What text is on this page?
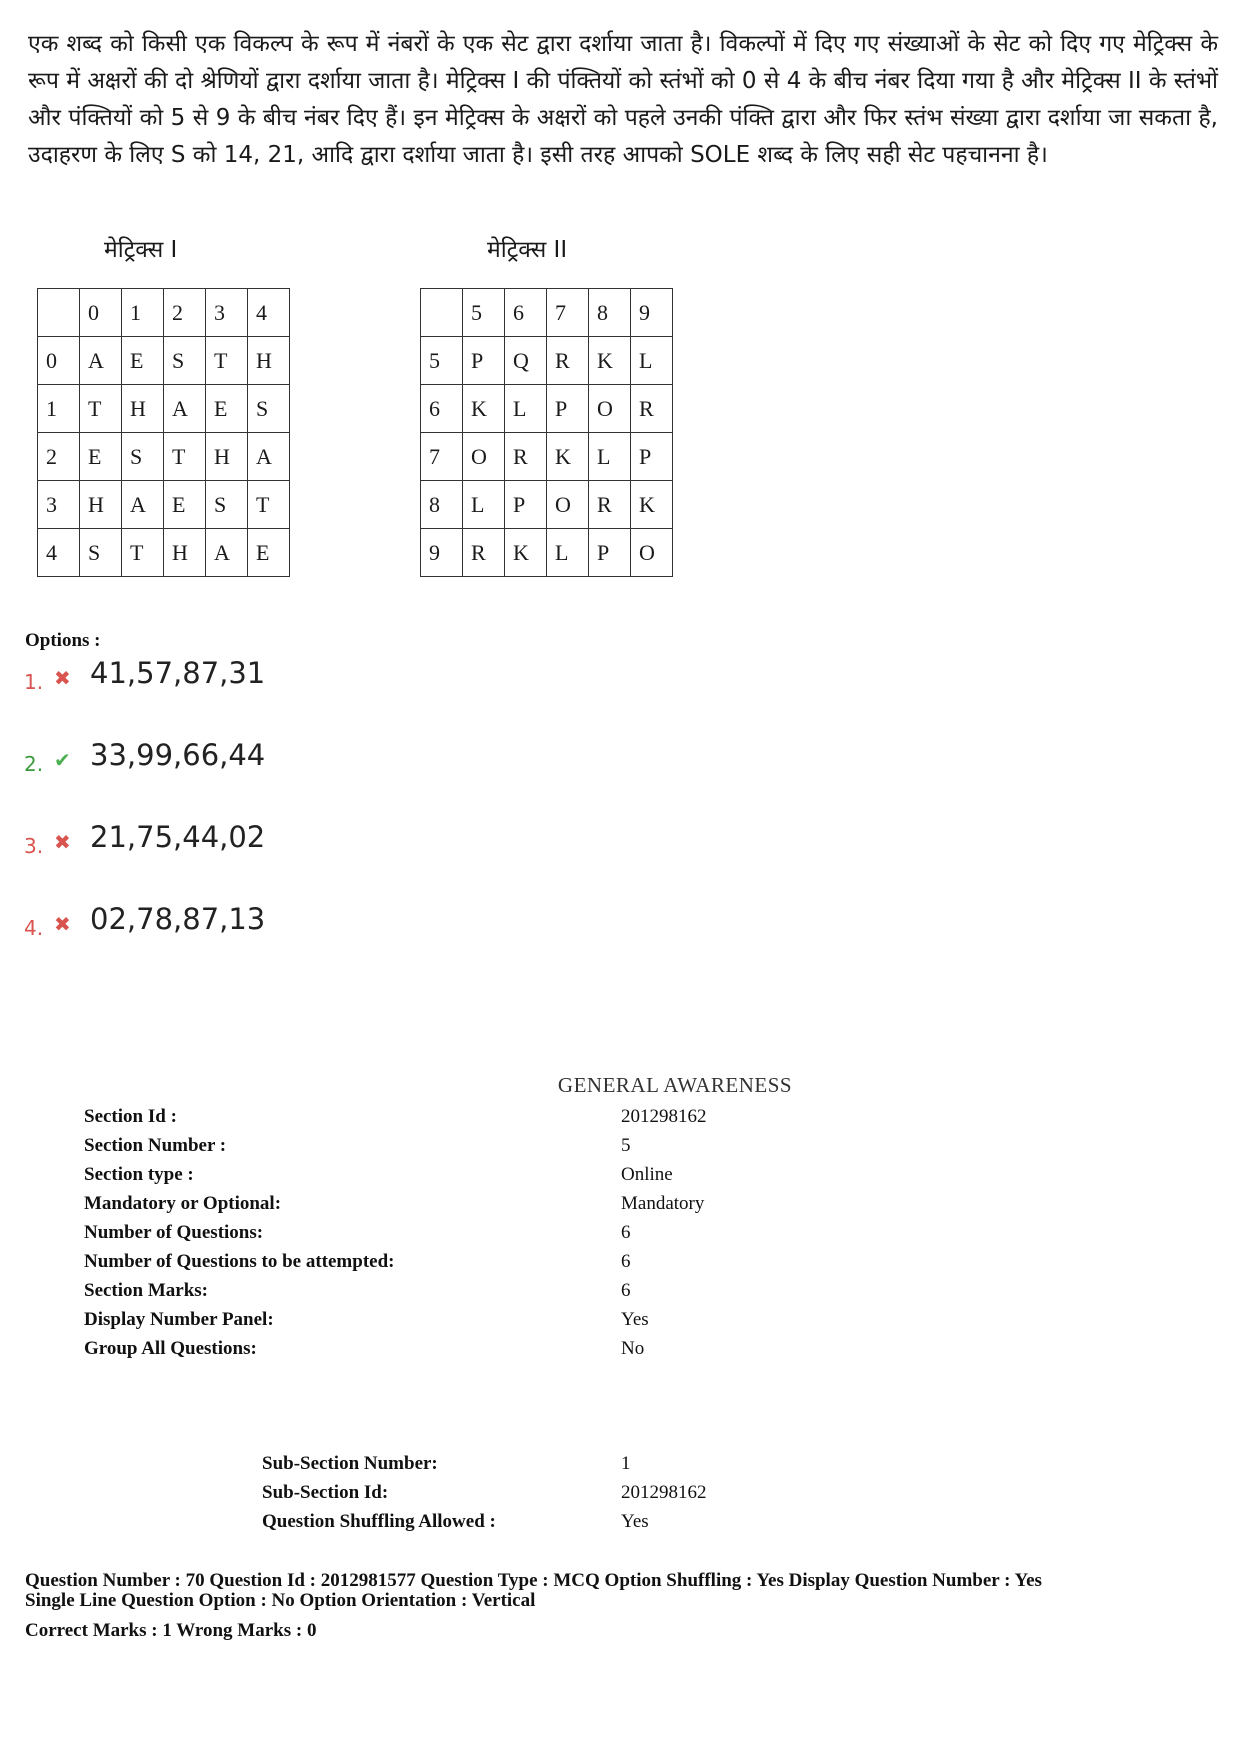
एक शब्द को किसी एक विकल्प के रूप में नंबरों के एक सेट द्वारा दर्शाया जाता है। विकल्पों में दिए गए संख्याओं के सेट को दिए गए मेट्रिक्स के रूप में अक्षरों की दो श्रेणियों द्वारा दर्शाया जाता है। मेट्रिक्स I की पंक्तियों को स्तंभों को 0 से 4 के बीच नंबर दिया गया है और मेट्रिक्स II के स्तंभों और पंक्तियों को 5 से 9 के बीच नंबर दिए हैं। इन मेट्रिक्स के अक्षरों को पहले उनकी पंक्ति द्वारा और फिर स्तंभ संख्या द्वारा दर्शाया जा सकता है, उदाहरण के लिए S को 14, 21, आदि द्वारा दर्शाया जाता है। इसी तरह आपको SOLE शब्द के लिए सही सेट पहचानना है।
मेट्रिक्स I	मेट्रिक्स II
	0	1	2	3	4
0	A	E	S	T	H
1	T	H	A	E	S
2	E	S	T	H	A
3	H	A	E	S	T
4	S	T	H	A	E
	5	6	7	8	9
5	P	Q	R	K	L
6	K	L	P	O	R
7	O	R	K	L	P
8	L	P	O	R	K
9	R	K	L	P	O
Options :
1. ✖ 41,57,87,31
2. ✔ 33,99,66,44
3. ✖ 21,75,44,02
4. ✖ 02,78,87,13
GENERAL AWARENESS
Section Id :	201298162
Section Number :	5
Section type :	Online
Mandatory or Optional:	Mandatory
Number of Questions:	6
Number of Questions to be attempted:	6
Section Marks:	6
Display Number Panel:	Yes
Group All Questions:	No
Sub-Section Number:	1
Sub-Section Id:	201298162
Question Shuffling Allowed :	Yes
Question Number : 70 Question Id : 2012981577 Question Type : MCQ Option Shuffling : Yes Display Question Number : Yes
Single Line Question Option : No Option Orientation : Vertical
Correct Marks : 1 Wrong Marks : 0
